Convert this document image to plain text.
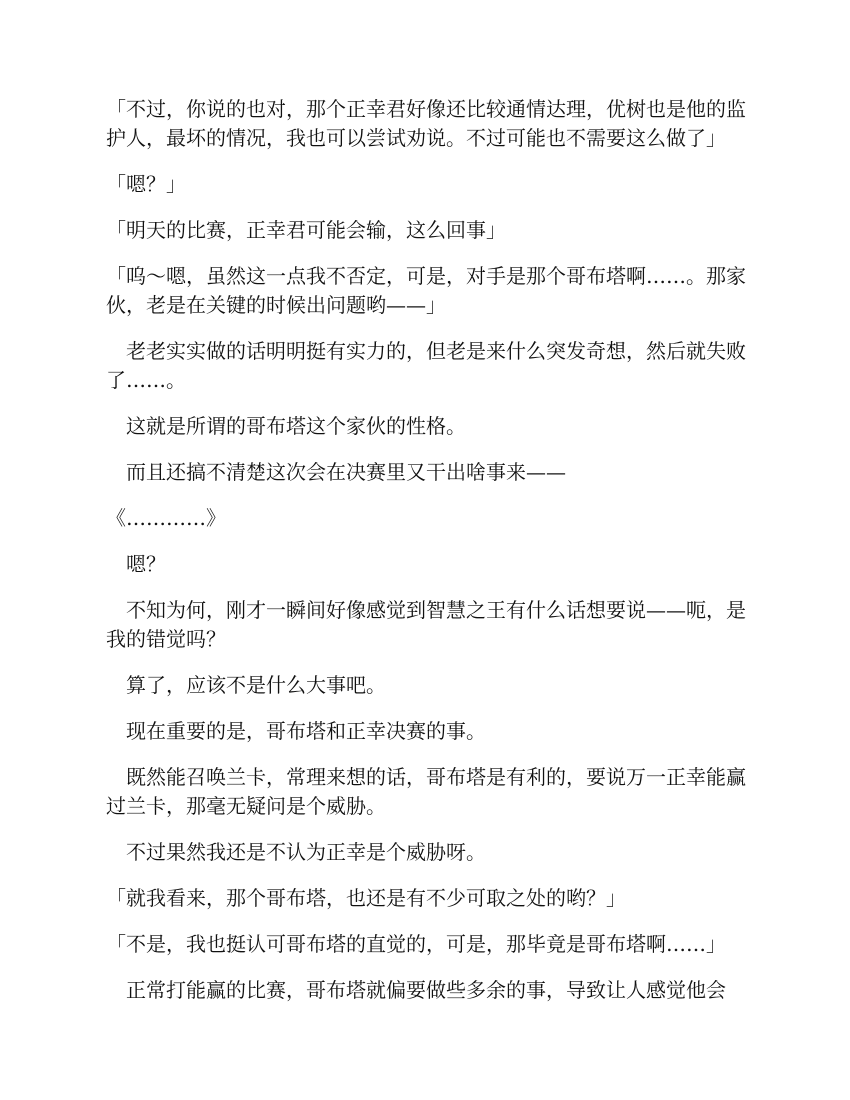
「不过，你说的也对，那个正幸君好像还比较通情达理，优树也是他的监护人，最坏的情况，我也可以尝试劝说。不过可能也不需要这么做了」

「嗯？」

「明天的比赛，正幸君可能会输，这么回事」

「呜～嗯，虽然这一点我不否定，可是，对手是那个哥布塔啊……。那家伙，老是在关键的时候出问题哟——」

老老实实做的话明明挺有实力的，但老是来什么突发奇想，然后就失败了……。

这就是所谓的哥布塔这个家伙的性格。

而且还搞不清楚这次会在决赛里又干出啥事来——

《…………》

嗯？

不知为何，刚才一瞬间好像感觉到智慧之王有什么话想要说——呃，是我的错觉吗？

算了，应该不是什么大事吧。

现在重要的是，哥布塔和正幸决赛的事。

既然能召唤兰卡，常理来想的话，哥布塔是有利的，要说万一正幸能赢过兰卡，那毫无疑问是个威胁。

不过果然我还是不认为正幸是个威胁呀。

「就我看来，那个哥布塔，也还是有不少可取之处的哟？」

「不是，我也挺认可哥布塔的直觉的，可是，那毕竟是哥布塔啊……」

正常打能赢的比赛，哥布塔就偏要做些多余的事，导致让人感觉他会
